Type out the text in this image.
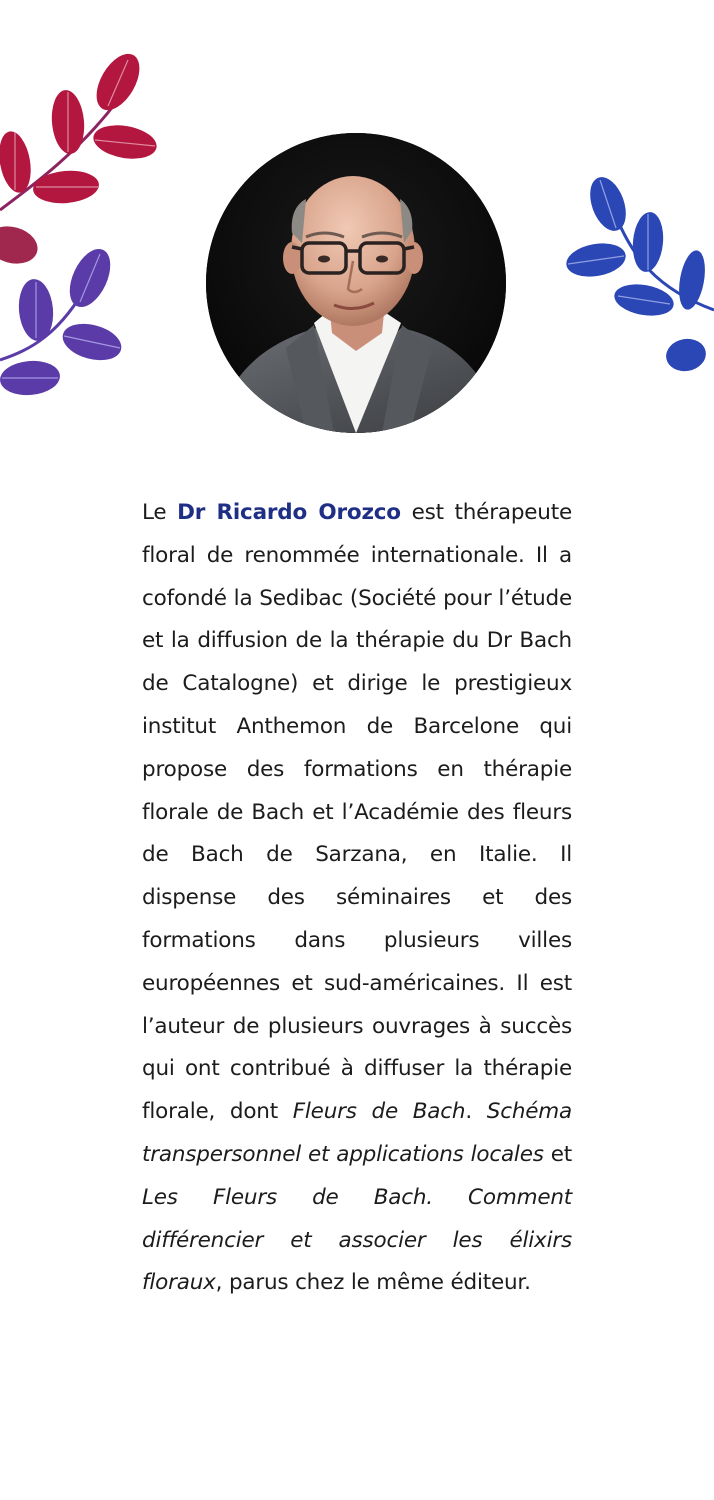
Le Dr Ricardo Orozco est thérapeute floral de renommée internationale. Il a cofondé la Sedibac (Société pour l’étude et la diffusion de la thérapie du Dr Bach de Catalogne) et dirige le prestigieux institut Anthemon de Barcelone qui propose des formations en thérapie florale de Bach et l’Académie des fleurs de Bach de Sarzana, en Italie. Il dispense des séminaires et des formations dans plusieurs villes européennes et sud-américaines. Il est l’auteur de plusieurs ouvrages à succès qui ont contribué à diffuser la thérapie florale, dont Fleurs de Bach. Schéma transpersonnel et applications locales et Les Fleurs de Bach. Comment différencier et associer les élixirs floraux, parus chez le même éditeur.
